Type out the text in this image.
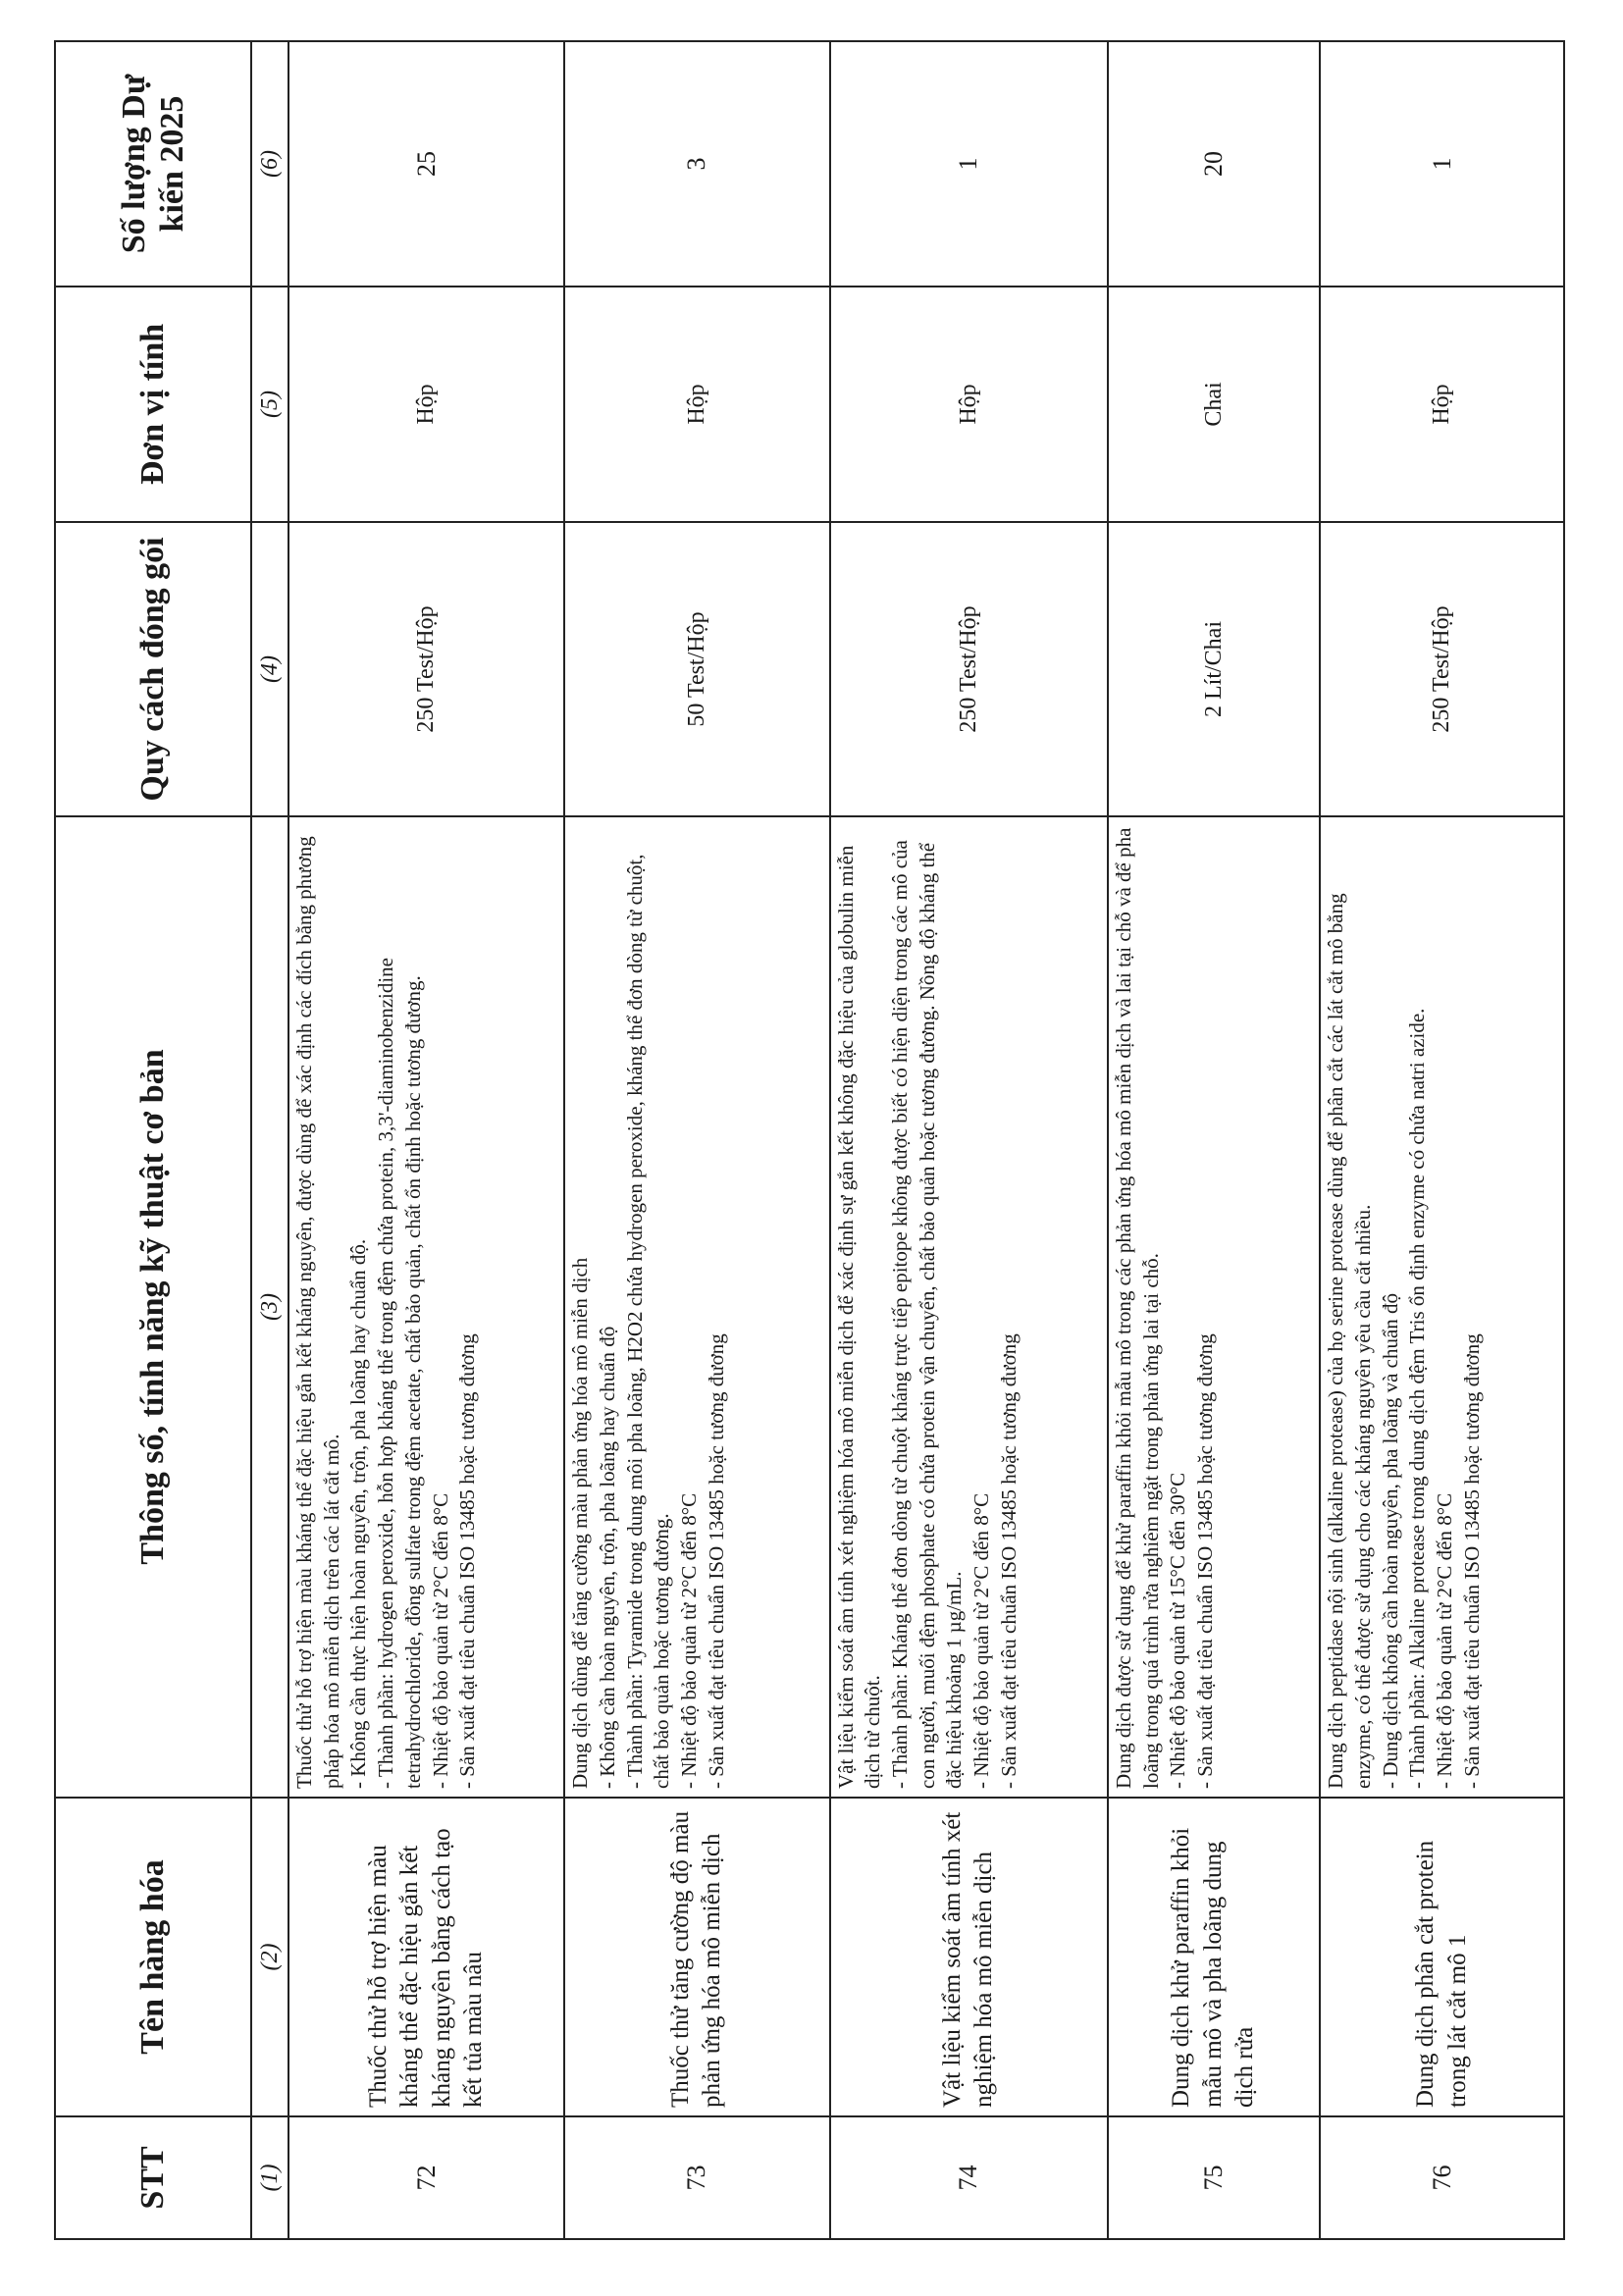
STT	Tên hàng hóa	Thông số, tính năng kỹ thuật cơ bản	Quy cách đóng gói	Đơn vị tính	Số lượng Dự kiến 2025
(1)	(2)	(3)	(4)	(5)	(6)
72	Thuốc thử hỗ trợ hiện màu kháng thể đặc hiệu gắn kết kháng nguyên bằng cách tạo kết tủa màu nâu	Thuốc thử hỗ trợ hiện màu kháng thể đặc hiệu gắn kết kháng nguyên, được dùng để xác định các đích bằng phương pháp hóa mô miễn dịch trên các lát cắt mô. - Không cần thực hiện hoàn nguyên, trộn, pha loãng hay chuẩn độ. - Thành phần: hydrogen peroxide, hỗn hợp kháng thể trong đệm chứa protein, 3,3'-diaminobenzidine tetrahydrochloride, đồng sulfate trong đệm acetate, chất bảo quản, chất ổn định hoặc tương đương. - Nhiệt độ bảo quản từ 2°C đến 8°C - Sản xuất đạt tiêu chuẩn ISO 13485 hoặc tương đương	250 Test/Hộp	Hộp	25
73	Thuốc thử tăng cường độ màu phản ứng hóa mô miễn dịch	Dung dịch dùng để tăng cường màu phản ứng hóa mô miễn dịch - Không cần hoàn nguyên, trộn, pha loãng hay chuẩn độ - Thành phần: Tyramide trong dung môi pha loãng, H2O2 chứa hydrogen peroxide, kháng thể đơn dòng từ chuột, chất bảo quản hoặc tương đương. - Nhiệt độ bảo quản từ 2°C đến 8°C - Sản xuất đạt tiêu chuẩn ISO 13485 hoặc tương đương	50 Test/Hộp	Hộp	3
74	Vật liệu kiểm soát âm tính xét nghiệm hóa mô miễn dịch	Vật liệu kiểm soát âm tính xét nghiệm hóa mô miễn dịch để xác định sự gắn kết không đặc hiệu của globulin miễn dịch từ chuột. - Thành phần: Kháng thể đơn dòng từ chuột kháng trực tiếp epitope không được biết có hiện diện trong các mô của con người, muối đệm phosphate có chứa protein vận chuyển, chất bảo quản hoặc tương đương. Nồng độ kháng thể đặc hiệu khoảng 1 µg/mL. - Nhiệt độ bảo quản từ 2°C đến 8°C - Sản xuất đạt tiêu chuẩn ISO 13485 hoặc tương đương	250 Test/Hộp	Hộp	1
75	Dung dịch khử paraffin khỏi mẫu mô và pha loãng dung dịch rửa	Dung dịch được sử dụng để khử paraffin khỏi mẫu mô trong các phản ứng hóa mô miễn dịch và lai tại chỗ và để pha loãng trong quá trình rửa nghiêm ngặt trong phản ứng lai tại chỗ. - Nhiệt độ bảo quản từ 15°C đến 30°C - Sản xuất đạt tiêu chuẩn ISO 13485 hoặc tương đương	2 Lít/Chai	Chai	20
76	Dung dịch phân cắt protein trong lát cắt mô 1	Dung dịch peptidase nội sinh (alkaline protease) của họ serine protease dùng để phân cắt các lát cắt mô bằng enzyme, có thể được sử dụng cho các kháng nguyên yêu cầu cắt nhiều. - Dung dịch không cần hoàn nguyên, pha loãng và chuẩn độ - Thành phần: Alkaline protease trong dung dịch đệm Tris ổn định enzyme có chứa natri azide. - Nhiệt độ bảo quản từ 2°C đến 8°C - Sản xuất đạt tiêu chuẩn ISO 13485 hoặc tương đương	250 Test/Hộp	Hộp	1
